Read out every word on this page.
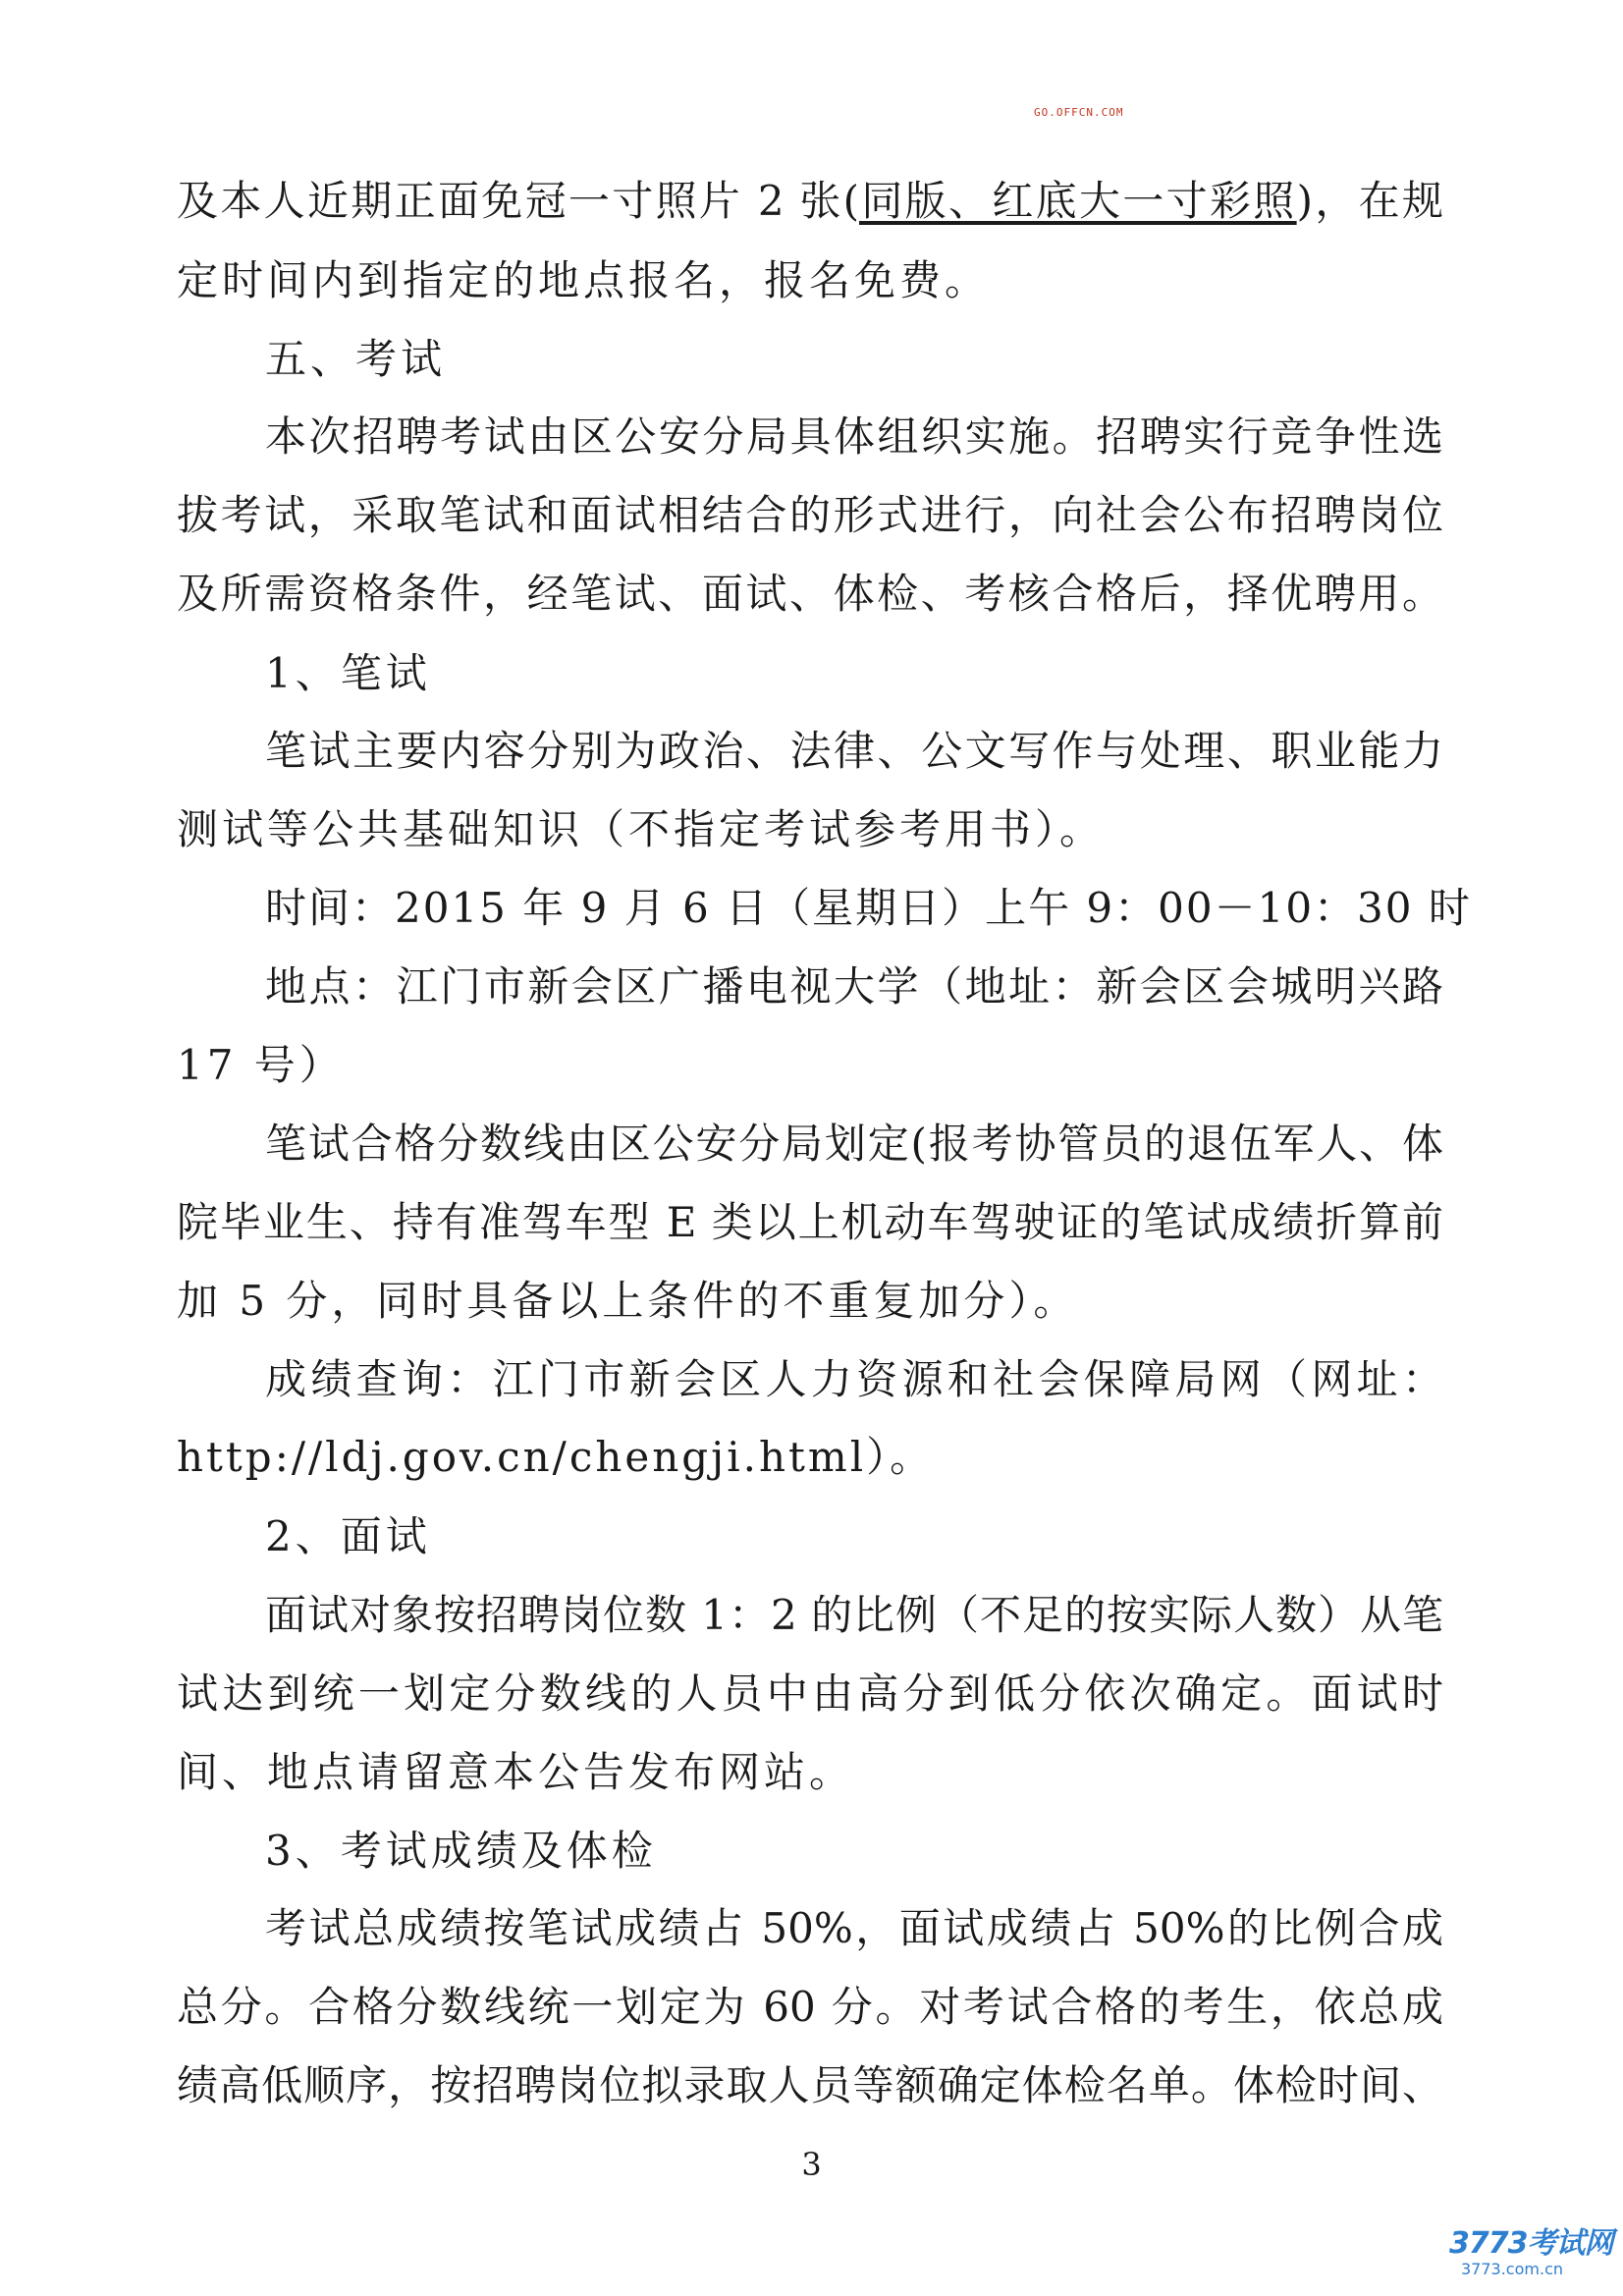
GO.OFFCN.COM
及本人近期正面免冠一寸照片 2 张(同版、红底大一寸彩照)，在规
定时间内到指定的地点报名，报名免费。
五、考试
本次招聘考试由区公安分局具体组织实施。招聘实行竞争性选
拔考试，采取笔试和面试相结合的形式进行，向社会公布招聘岗位
及所需资格条件，经笔试、面试、体检、考核合格后，择优聘用。
1、笔试
笔试主要内容分别为政治、法律、公文写作与处理、职业能力
测试等公共基础知识（不指定考试参考用书）。
时间：2015 年 9 月 6 日（星期日）上午 9：00－10：30 时
地点：江门市新会区广播电视大学（地址：新会区会城明兴路
17 号）
笔试合格分数线由区公安分局划定(报考协管员的退伍军人、体
院毕业生、持有准驾车型 E 类以上机动车驾驶证的笔试成绩折算前
加 5 分，同时具备以上条件的不重复加分）。
成绩查询：江门市新会区人力资源和社会保障局网（网址：
http://ldj.gov.cn/chengji.html）。
2、面试
面试对象按招聘岗位数 1：2 的比例（不足的按实际人数）从笔
试达到统一划定分数线的人员中由高分到低分依次确定。面试时
间、地点请留意本公告发布网站。
3、考试成绩及体检
考试总成绩按笔试成绩占 50%，面试成绩占 50%的比例合成
总分。合格分数线统一划定为 60 分。对考试合格的考生，依总成
绩高低顺序，按招聘岗位拟录取人员等额确定体检名单。体检时间、
3
3773考试网
3773.com.cn
